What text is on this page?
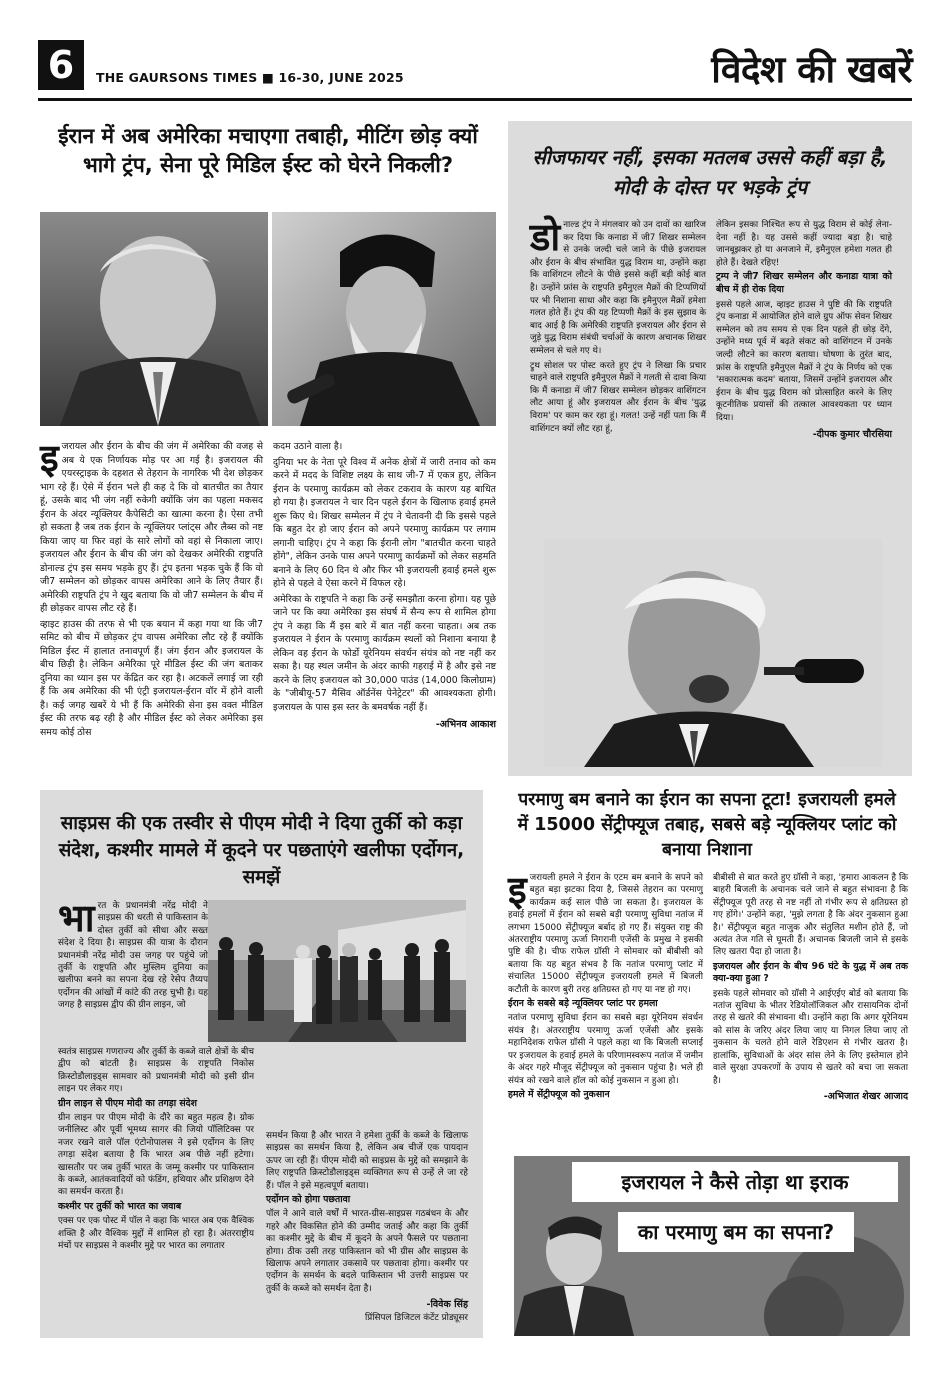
6	THE GAURSONS TIMES ■ 16-30, JUNE 2025	विदेश की खबरें
ईरान में अब अमेरिका मचाएगा तबाही, मीटिंग छोड़ क्यों भागे ट्रंप, सेना पूरे मिडिल ईस्ट को घेरने निकली?
इ जरायल और ईरान के बीच की जंग में अमेरिका की वजह से अब ये एक निर्णायक मोड़ पर आ गई है। इजरायल की एयरस्ट्राइक के दहशत से तेहरान के नागरिक भी देश छोड़कर भाग रहे हैं। ऐसे में ईरान भले ही कह दे कि वो बातचीत का तैयार हूं, उसके बाद भी जंग नहीं रुकेगी क्योंकि जंग का पहला मकसद ईरान के अंदर न्यूक्लियर कैपेसिटी का खात्मा करना है। ऐसा तभी हो सकता है जब तक ईरान के न्यूक्लियर प्लांट्स और लैब्स को नष्ट किया जाए या फिर वहां के सारे लोगों को वहां से निकाला जाए। इजरायल और ईरान के बीच की जंग को देखकर अमेरिकी राष्ट्रपति डोनाल्ड ट्रंप इस समय भड़के हुए हैं। ट्रंप इतना भड़क चुके हैं कि वो जी7 सम्मेलन को छोड़कर वापस अमेरिका आने के लिए तैयार हैं। अमेरिकी राष्ट्रपति ट्रंप ने खुद बताया कि वो जी7 सम्मेलन के बीच में ही छोड़कर वापस लौट रहे हैं।

व्हाइट हाउस की तरफ से भी एक बयान में कहा गया था कि जी7 समिट को बीच में छोड़कर ट्रंप वापस अमेरिका लौट रहे हैं क्योंकि मिडिल ईस्ट में हालात तनावपूर्ण हैं। जंग ईरान और इजरायल के बीच छिड़ी है। लेकिन अमेरिका पूरे मीडिल ईस्ट की जंग बताकर दुनिया का ध्यान इस पर केंद्रित कर रहा है। अटकलें लगाई जा रही हैं कि अब अमेरिका की भी एंट्री इजरायल-ईरान वॉर में होने वाली है। कई जगह खबरें ये भी हैं कि अमेरिकी सेना इस वक्त मीडिल ईस्ट की तरफ बढ़ रही है और मीडिल ईस्ट को लेकर अमेरिका इस समय कोई ठोस

कदम उठाने वाला है।

दुनिया भर के नेता पूरे विश्व में अनेक क्षेत्रों में जारी तनाव को कम करने में मदद के विशिष्ट लक्ष्य के साथ जी-7 में एकत्र हुए, लेकिन ईरान के परमाणु कार्यक्रम को लेकर टकराव के कारण यह बाधित हो गया है। इजरायल ने चार दिन पहले ईरान के खिलाफ हवाई हमले शुरू किए थे। शिखर सम्मेलन में ट्रंप ने चेतावनी दी कि इससे पहले कि बहुत देर हो जाए ईरान को अपने परमाणु कार्यक्रम पर लगाम लगानी चाहिए। ट्रंप ने कहा कि ईरानी लोग "बातचीत करना चाहते होंगे", लेकिन उनके पास अपने परमाणु कार्यक्रमों को लेकर सहमति बनाने के लिए 60 दिन थे और फिर भी इजरायली हवाई हमले शुरू होने से पहले वे ऐसा करने में विफल रहे।

अमेरिका के राष्ट्रपति ने कहा कि उन्हें समझौता करना होगा। यह पूछे जाने पर कि क्या अमेरिका इस संघर्ष में सैन्य रूप से शामिल होगा ट्रंप ने कहा कि मैं इस बारे में बात नहीं करना चाहता। अब तक इजरायल ने ईरान के परमाणु कार्यक्रम स्थलों को निशाना बनाया है लेकिन वह ईरान के फोर्डो यूरेनियम संवर्धन संयंत्र को नष्ट नहीं कर सका है। यह स्थल जमीन के अंदर काफी गहराई में है और इसे नष्ट करने के लिए इजरायल को 30,000 पाउंड (14,000 किलोग्राम) के "जीबीयू-57 मैसिव ऑर्डनेंस पेनेट्रेटर" की आवश्यकता होगी। इजरायल के पास इस स्तर के बमवर्षक नहीं हैं।

-अभिनव आकाश
सीजफायर नहीं, इसका मतलब उससे कहीं बड़ा है, मोदी के दोस्त पर भड़के ट्रंप
डो नाल्ड ट्रंप ने मंगलवार को उन दावों का खारिज कर दिया कि कनाडा में जी7 शिखर सम्मेलन से उनके जल्दी चले जाने के पीछे इजरायल और ईरान के बीच संभावित युद्ध विराम था, उन्होंने कहा कि वाशिंगटन लौटने के पीछे इससे कहीं बड़ी कोई बात है। उन्होंने फ्रांस के राष्ट्रपति इमैनुएल मैक्रों की टिप्पणियों पर भी निशाना साधा और कहा कि इमैनुएल मैक्रों हमेशा गलत होते हैं। ट्रंप की यह टिप्पणी मैक्रों के इस सुझाव के बाद आई है कि अमेरिकी राष्ट्रपति इजरायल और ईरान से जुड़े युद्ध विराम संबंधी चर्चाओं के कारण अचानक शिखर सम्मेलन से चले गए थे।

ट्रुथ सोशल पर पोस्ट करते हुए ट्रंप ने लिखा कि प्रचार चाहने वाले राष्ट्रपति इमैनुएल मैक्रों ने गलती से दावा किया कि मैं कनाडा में जी7 शिखर सम्मेलन छोड़कर वाशिंगटन लौट आया हूं और इजरायल और ईरान के बीच 'युद्ध विराम' पर काम कर रहा हूं। गलत! उन्हें नहीं पता कि मैं वाशिंगटन क्यों लौट रहा हूं,

लेकिन इसका निश्चित रूप से युद्ध विराम से कोई लेना-देना नहीं है। यह उससे कहीं ज्यादा बड़ा है। चाहे जानबूझकर हो या अनजाने में, इमैनुएल हमेशा गलत ही होते हैं। देखते रहिए!

ट्रम्प ने जी7 शिखर सम्मेलन और कनाडा यात्रा को बीच में ही रोक दिया

इससे पहले आज, व्हाइट हाउस ने पुष्टि की कि राष्ट्रपति ट्रंप कनाडा में आयोजित होने वाले ग्रुप ऑफ सेवन शिखर सम्मेलन को तय समय से एक दिन पहले ही छोड़ देंगे, उन्होंने मध्य पूर्व में बढ़ते संकट को वाशिंगटन में उनके जल्दी लौटने का कारण बताया। घोषणा के तुरंत बाद, फ्रांस के राष्ट्रपति इमैनुएल मैक्रों ने ट्रंप के निर्णय को एक 'सकारात्मक कदम' बताया, जिसमें उन्होंने इजरायल और ईरान के बीच युद्ध विराम को प्रोत्साहित करने के लिए कूटनीतिक प्रयासों की तत्काल आवश्यकता पर ध्यान दिया।

-दीपक कुमार चौरसिया
साइप्रस की एक तस्वीर से पीएम मोदी ने दिया तुर्की को कड़ा संदेश, कश्मीर मामले में कूदने पर पछताएंगे खलीफा एर्दोगन, समझें
भा रत के प्रधानमंत्री नरेंद्र मोदी ने साइप्रस की धरती से पाकिस्तान के दोस्त तुर्की को सीधा और सख्त संदेश दे दिया है। साइप्रस की यात्रा के दौरान प्रधानमंत्री नरेंद्र मोदी उस जगह पर पहुंचे जो तुर्की के राष्ट्रपति और मुस्लिम दुनिया का खलीफा बनने का सपना देख रहे रेसेप तैय्यप एर्दोगन की आंखों में कांटे की तरह चुभी है। यह जगह है साइप्रस द्वीप की ग्रीन लाइन, जो

स्वतंत्र साइप्रस गणराज्य और तुर्की के कब्जे वाले क्षेत्रों के बीच द्वीप को बांटती है। साइप्रस के राष्ट्रपति निकोस क्रिस्टोडौलाइड्स सामवार को प्रधानमंत्री मोदी को इसी ग्रीन लाइन पर लेकर गए।

ग्रीन लाइन से पीएम मोदी का तगड़ा संदेश

ग्रीन लाइन पर पीएम मोदी के दौरे का बहुत महत्व है। ग्रोक जनीलिस्ट और पूर्वी भूमध्य सागर की जियो पॉलिटिक्स पर नजर रखने वाले पॉल एंटोनोपालस ने इसे एर्दोगन के लिए तगड़ा संदेश बताया है कि भारत अब पीछे नहीं हटेगा। खासतौर पर जब तुर्की भारत के जम्मू कश्मीर पर पाकिस्तान के कब्जे, आतंकवादियों को फंडिंग, हथियार और प्रशिक्षण देने का समर्थन करता है।

कश्मीर पर तुर्की को भारत का जवाब

एक्स पर एक पोस्ट में पॉल ने कहा कि भारत अब एक वैश्विक शक्ति है और वैश्विक मुद्दों में शामिल हो रहा है। अंतरराष्ट्रीय मंचों पर साइप्रस ने कश्मीर मुद्दे पर भारत का लगातार

समर्थन किया है और भारत ने हमेशा तुर्की के कब्जे के खिलाफ साइप्रस का समर्थन किया है, लेकिन अब चीजें एक पायदान ऊपर जा रही हैं। पीएम मोदी को साइप्रस के मुद्दे को समझाने के लिए राष्ट्रपति क्रिस्टोडौलाइड्स व्यक्तिगत रूप से उन्हें ले जा रहे हैं। पॉल ने इसे महत्वपूर्ण बताया।

एर्दोगन को होगा पछतावा

पॉल ने आने वाले वर्षों में भारत-ग्रीस-साइप्रस गठबंधन के और गहरे और विकसित होने की उम्मीद जताई और कहा कि तुर्की का कश्मीर मुद्दे के बीच में कूदने के अपने फैसले पर पछताना होगा। ठीक उसी तरह पाकिस्तान को भी ग्रीस और साइप्रस के खिलाफ अपने लगातार उकसावे पर पछतावा होगा। कश्मीर पर एर्दोगन के समर्थन के बदले पाकिस्तान भी उत्तरी साइप्रस पर तुर्की के कब्जे को समर्थन देता है।

-विवेक सिंह
प्रिंसिपल डिजिटल कंटेंट प्रोड्यूसर
परमाणु बम बनाने का ईरान का सपना टूटा! इजरायली हमले में 15000 सेंट्रीफ्यूज तबाह, सबसे बड़े न्यूक्लियर प्लांट को बनाया निशाना
इ जरायली हमले ने ईरान के एटम बम बनाने के सपने को बहुत बड़ा झटका दिया है, जिससे तेहरान का परमाणु कार्यक्रम कई साल पीछे जा सकता है। इजरायल के हवाई हमलों में ईरान को सबसे बड़ी परमाणु सुविधा नतांज में लगभग 15000 सेंट्रीफ्यूज बर्बाद हो गए हैं। संयुक्त राष्ट्र की अंतरराष्ट्रीय परमाणु ऊर्जा निगरानी एजेंसी के प्रमुख ने इसकी पुष्टि की है। चीफ राफेल ग्रॉसी ने सोमवार को बीबीसी को बताया कि यह बहुत संभव है कि नतांज परमाणु प्लांट में संचालित 15000 सेंट्रीफ्यूज इजरायली हमले में बिजली कटौती के कारण बुरी तरह क्षतिग्रस्त हो गए या नष्ट हो गए।

ईरान के सबसे बड़े न्यूक्लियर प्लांट पर हमला

नतांज परमाणु सुविधा ईरान का सबसे बड़ा यूरेनियम संवर्धन संयंत्र है। अंतरराष्ट्रीय परमाणु ऊर्जा एजेंसी और इसके महानिदेशक राफेल ग्रॉसी ने पहले कहा था कि बिजली सप्लाई पर इजरायल के हवाई हमले के परिणामस्वरूप नतांज में जमीन के अंदर गहरे मौजूद सेंट्रीफ्यूज को नुकसान पहुंचा है। भले ही संयंत्र को रखने वाले हॉल को कोई नुकसान न हुआ हो।

हमले में सेंट्रीफ्यूज को नुकसान

बीबीसी से बात करते हुए ग्रॉसी ने कहा, 'हमारा आकलन है कि बाहरी बिजली के अचानक चले जाने से बहुत संभावना है कि सेंट्रीफ्यूज पूरी तरह से नष्ट नहीं तो गंभीर रूप से क्षतिग्रस्त हो गए होंगे।' उन्होंने कहा, 'मुझे लगता है कि अंदर नुकसान हुआ है।' सेंट्रीफ्यूज बहुत नाजुक और संतुलित मशीन होते हैं, जो अत्यंत तेज गति से घूमती हैं। अचानक बिजली जाने से इसके लिए खतरा पैदा हो जाता है।

इजरायल और ईरान के बीच 96 घंटे के युद्ध में अब तक क्या-क्या हुआ ?

इसके पहले सोमवार को ग्रॉसी ने आईएईए बोर्ड को बताया कि नतांज सुविधा के भीतर रेडियोलॉजिकल और रासायनिक दोनों तरह से खतरे की संभावना थी। उन्होंने कहा कि अगर यूरेनियम को सांस के जरिए अंदर लिया जाए या निगल लिया जाए तो नुकसान के चलते होने वाले रेडिएशन से गंभीर खतरा है। हालांकि, सुविधाओं के अंदर सांस लेने के लिए इस्तेमाल होने वाले सुरक्षा उपकरणों के उपाय से खतरे को बचा जा सकता है।

-अभिजात शेखर आजाद
इजरायल ने कैसे तोड़ा था इराक
का परमाणु बम का सपना?
